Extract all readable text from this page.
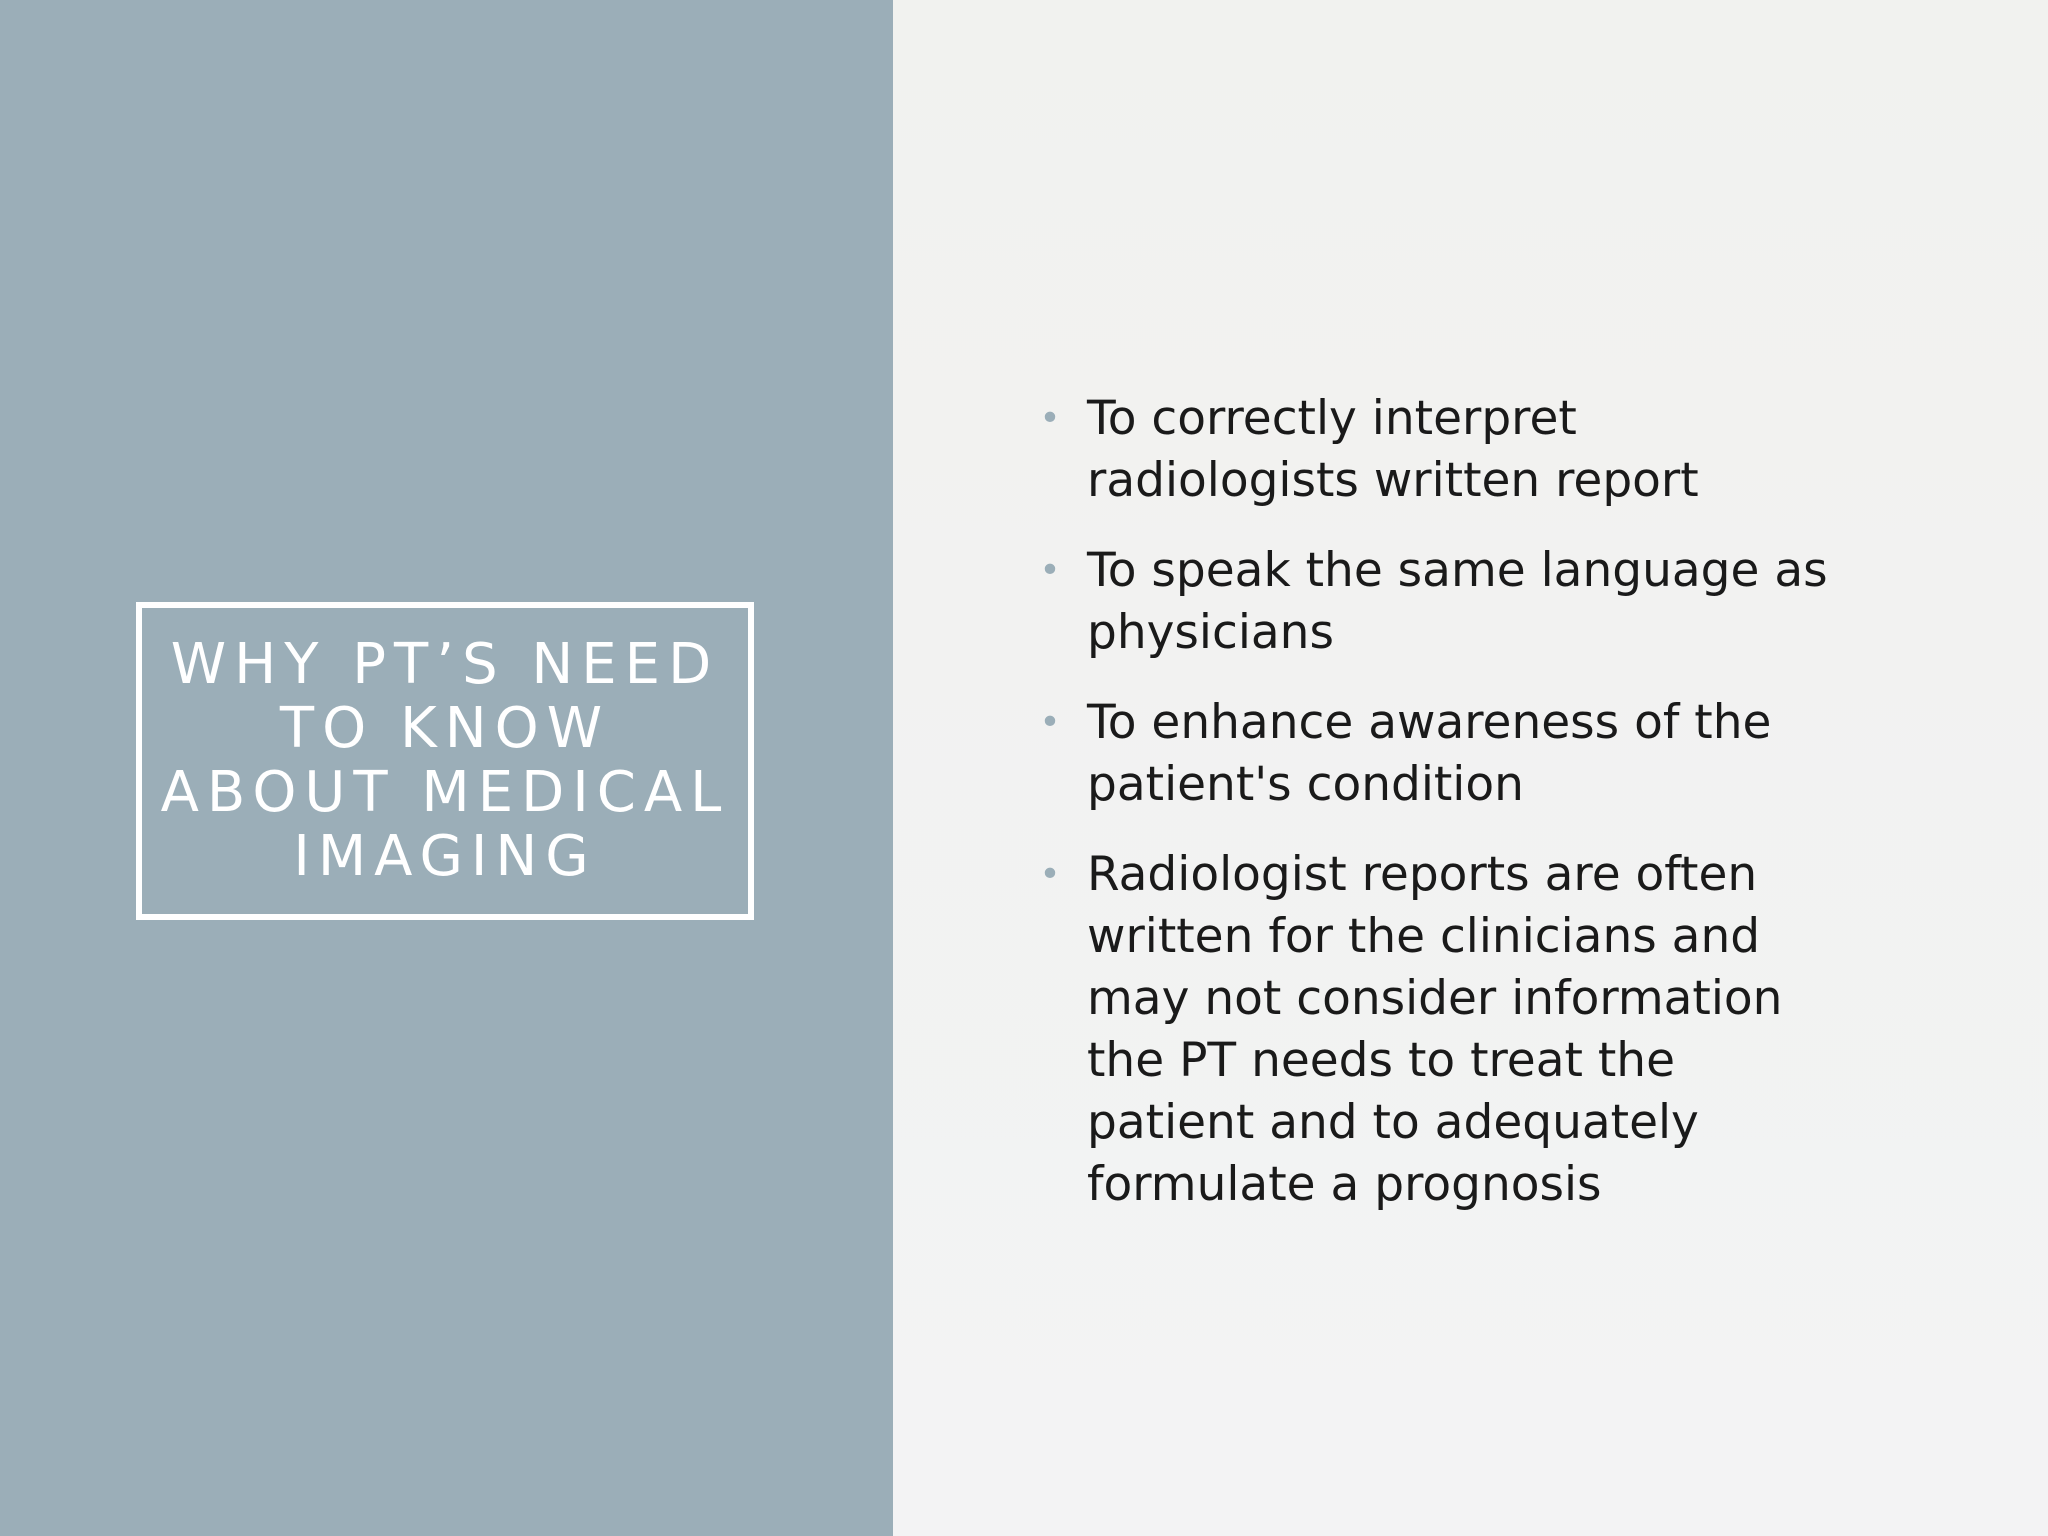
WHY PT’S NEED TO KNOW ABOUT MEDICAL IMAGING
• To correctly interpret radiologists written report
• To speak the same language as physicians
• To enhance awareness of the patient's condition
• Radiologist reports are often written for the clinicians and may not consider information the PT needs to treat the patient and to adequately formulate a prognosis
